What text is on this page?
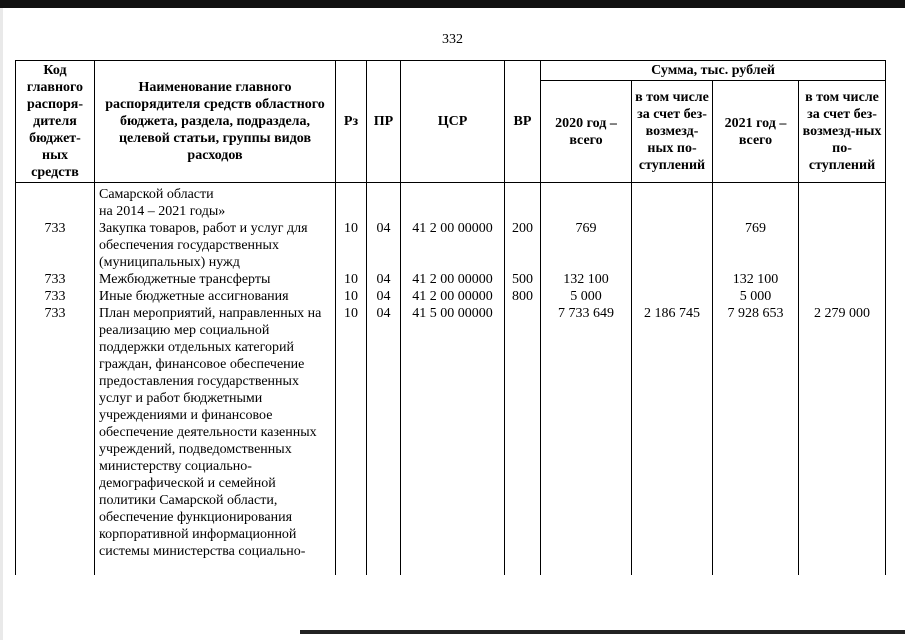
332
Код главного распоря-дителя бюджет-ных средств	Наименование главного распорядителя средств областного бюджета, раздела, подраздела, целевой статьи, группы видов расходов	Рз	ПР	ЦСР	ВР	Сумма, тыс. рублей			
						2020 год – всего	в том числе за счет без-возмезд-ных по-ступлений	2021 год – всего	в том числе за счет без-возмезд-ных по-ступлений
	Самарской области
на 2014 – 2021 годы»								
733	Закупка товаров, работ и услуг для обеспечения государственных (муниципальных) нужд	10	04	41 2 00 00000	200	769		769	
733	Межбюджетные трансферты	10	04	41 2 00 00000	500	132 100		132 100	
733	Иные бюджетные ассигнования	10	04	41 2 00 00000	800	5 000		5 000	
733	План мероприятий, направленных на реализацию мер социальной поддержки отдельных категорий граждан, финансовое обеспечение предоставления государственных услуг и работ бюджетными учреждениями и финансовое обеспечение деятельности казенных учреждений, подведомственных министерству социально-демографической и семейной политики Самарской области, обеспечение функционирования корпоративной информационной системы министерства социально-	10	04	41 5 00 00000		7 733 649	2 186 745	7 928 653	2 279 000
